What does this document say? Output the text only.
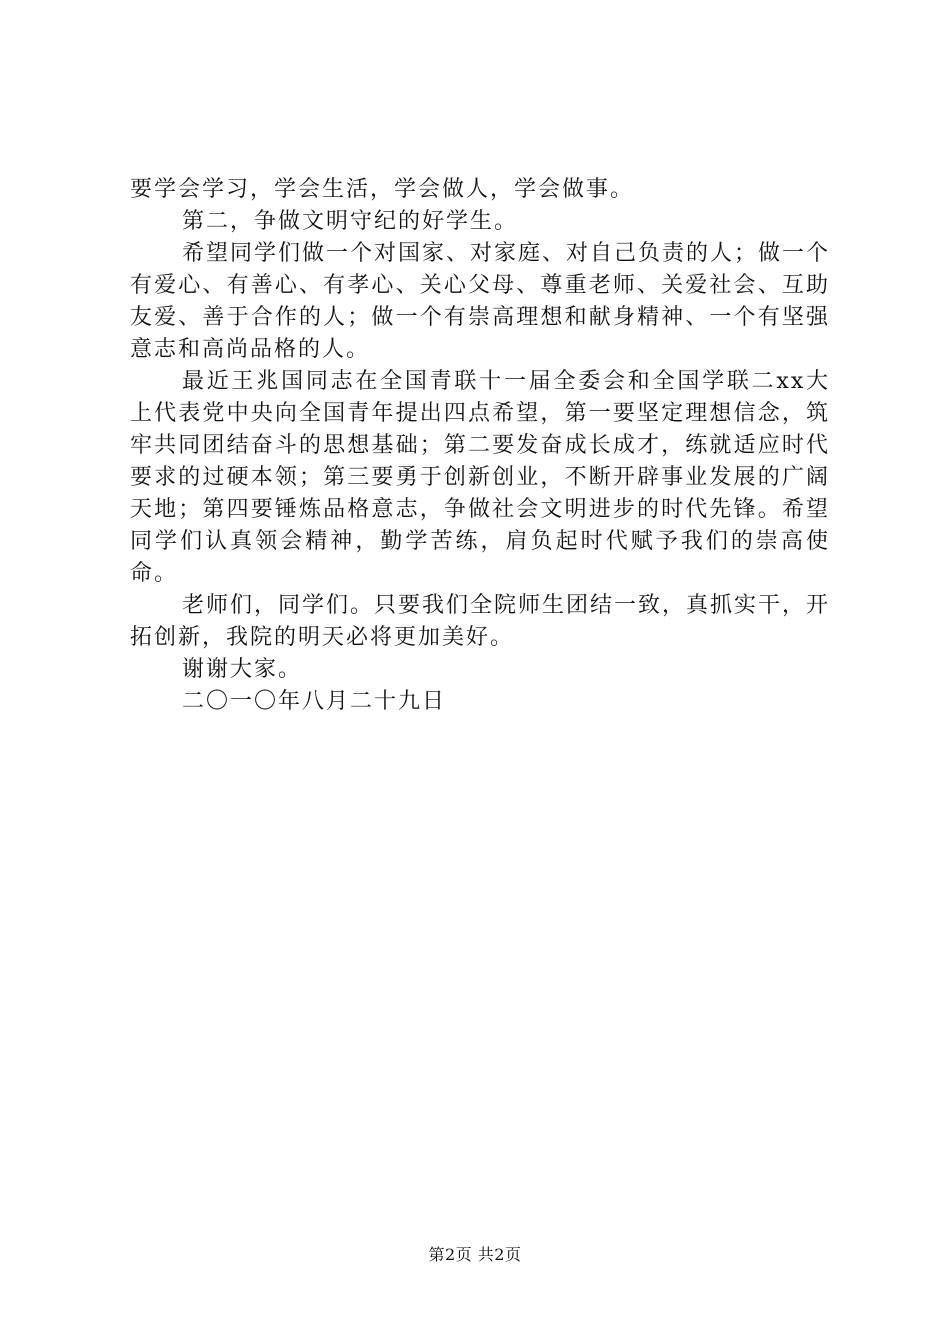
要学会学习，学会生活，学会做人，学会做事。

第二，争做文明守纪的好学生。

希望同学们做一个对国家、对家庭、对自己负责的人；做一个有爱心、有善心、有孝心、关心父母、尊重老师、关爱社会、互助友爱、善于合作的人；做一个有崇高理想和献身精神、一个有坚强意志和高尚品格的人。

最近王兆国同志在全国青联十一届全委会和全国学联二xx大上代表党中央向全国青年提出四点希望，第一要坚定理想信念，筑牢共同团结奋斗的思想基础；第二要发奋成长成才，练就适应时代要求的过硬本领；第三要勇于创新创业，不断开辟事业发展的广阔天地；第四要锤炼品格意志，争做社会文明进步的时代先锋。希望同学们认真领会精神，勤学苦练，肩负起时代赋予我们的崇高使命。

老师们，同学们。只要我们全院师生团结一致，真抓实干，开拓创新，我院的明天必将更加美好。

谢谢大家。

二〇一〇年八月二十九日

第2页 共2页
